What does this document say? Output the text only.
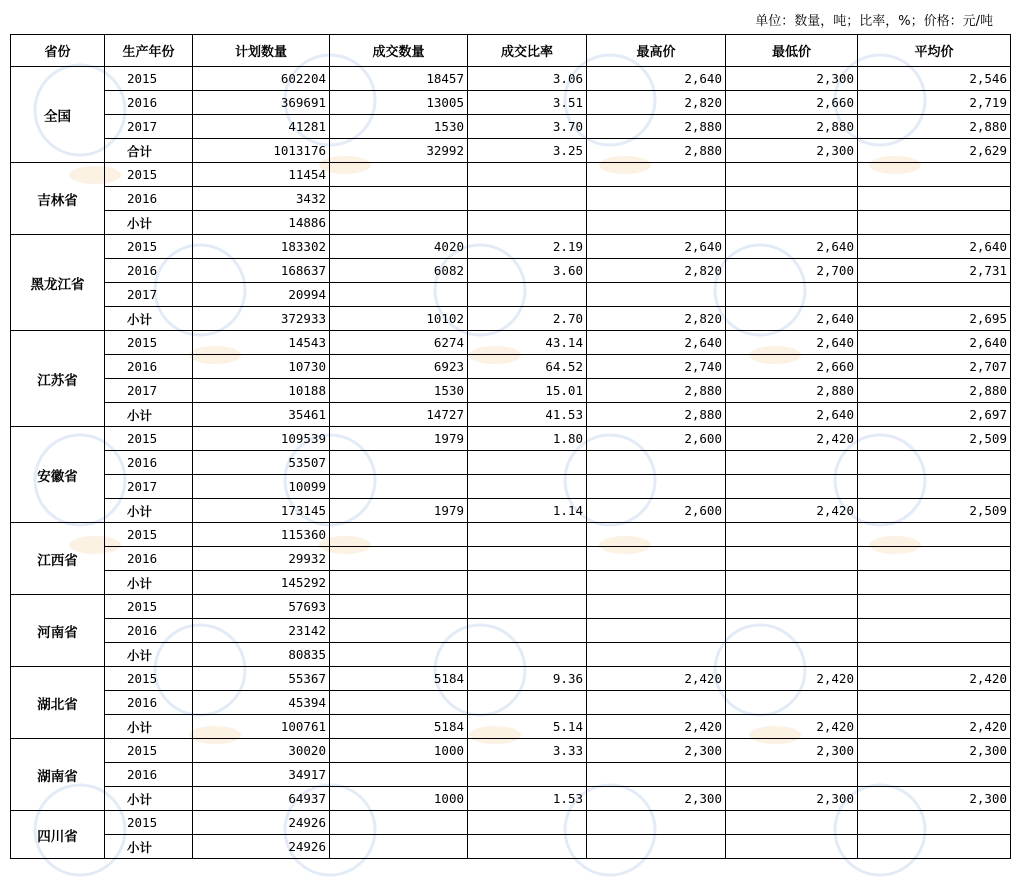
单位：数量，吨；比率，%；价格：元/吨
省份	生产年份	计划数量	成交数量	成交比率	最高价	最低价	平均价
全国	2015	602204	18457	3.06	2,640	2,300	2,546
	2016	369691	13005	3.51	2,820	2,660	2,719
	2017	41281	1530	3.70	2,880	2,880	2,880
	合计	1013176	32992	3.25	2,880	2,300	2,629
吉林省	2015	11454					
	2016	3432					
	小计	14886					
黑龙江省	2015	183302	4020	2.19	2,640	2,640	2,640
	2016	168637	6082	3.60	2,820	2,700	2,731
	2017	20994					
	小计	372933	10102	2.70	2,820	2,640	2,695
江苏省	2015	14543	6274	43.14	2,640	2,640	2,640
	2016	10730	6923	64.52	2,740	2,660	2,707
	2017	10188	1530	15.01	2,880	2,880	2,880
	小计	35461	14727	41.53	2,880	2,640	2,697
安徽省	2015	109539	1979	1.80	2,600	2,420	2,509
	2016	53507					
	2017	10099					
	小计	173145	1979	1.14	2,600	2,420	2,509
江西省	2015	115360					
	2016	29932					
	小计	145292					
河南省	2015	57693					
	2016	23142					
	小计	80835					
湖北省	2015	55367	5184	9.36	2,420	2,420	2,420
	2016	45394					
	小计	100761	5184	5.14	2,420	2,420	2,420
湖南省	2015	30020	1000	3.33	2,300	2,300	2,300
	2016	34917					
	小计	64937	1000	1.53	2,300	2,300	2,300
四川省	2015	24926					
	小计	24926					
